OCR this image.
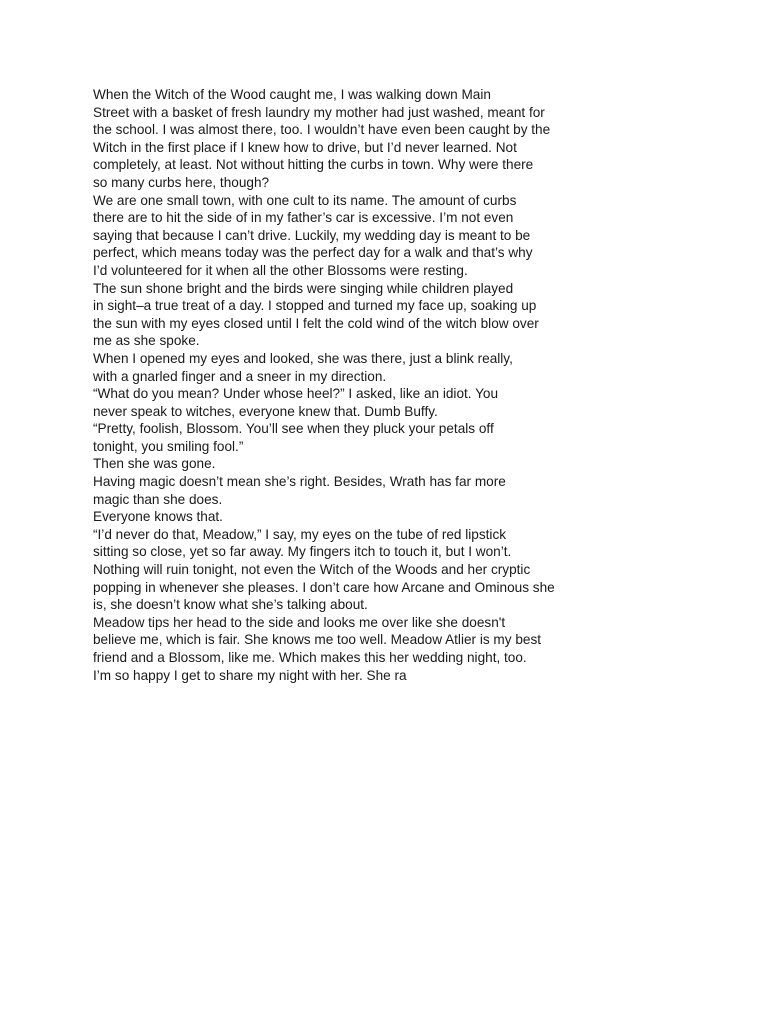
When the Witch of the Wood caught me, I was walking down Main
Street with a basket of fresh laundry my mother had just washed, meant for
the school. I was almost there, too. I wouldn’t have even been caught by the
Witch in the first place if I knew how to drive, but I’d never learned. Not
completely, at least. Not without hitting the curbs in town. Why were there
so many curbs here, though?
We are one small town, with one cult to its name. The amount of curbs
there are to hit the side of in my father’s car is excessive. I’m not even
saying that because I can’t drive. Luckily, my wedding day is meant to be
perfect, which means today was the perfect day for a walk and that’s why
I’d volunteered for it when all the other Blossoms were resting.
The sun shone bright and the birds were singing while children played
in sight–a true treat of a day. I stopped and turned my face up, soaking up
the sun with my eyes closed until I felt the cold wind of the witch blow over
me as she spoke.
When I opened my eyes and looked, she was there, just a blink really,
with a gnarled finger and a sneer in my direction.
“What do you mean? Under whose heel?” I asked, like an idiot. You
never speak to witches, everyone knew that. Dumb Buffy.
“Pretty, foolish, Blossom. You’ll see when they pluck your petals off
tonight, you smiling fool.”
Then she was gone.
Having magic doesn’t mean she’s right. Besides, Wrath has far more
magic than she does.
Everyone knows that.
“I’d never do that, Meadow,” I say, my eyes on the tube of red lipstick
sitting so close, yet so far away. My fingers itch to touch it, but I won’t.
Nothing will ruin tonight, not even the Witch of the Woods and her cryptic
popping in whenever she pleases. I don’t care how Arcane and Ominous she
is, she doesn’t know what she’s talking about.
Meadow tips her head to the side and looks me over like she doesn't
believe me, which is fair. She knows me too well. Meadow Atlier is my best
friend and a Blossom, like me. Which makes this her wedding night, too.
I’m so happy I get to share my night with her. She ra
